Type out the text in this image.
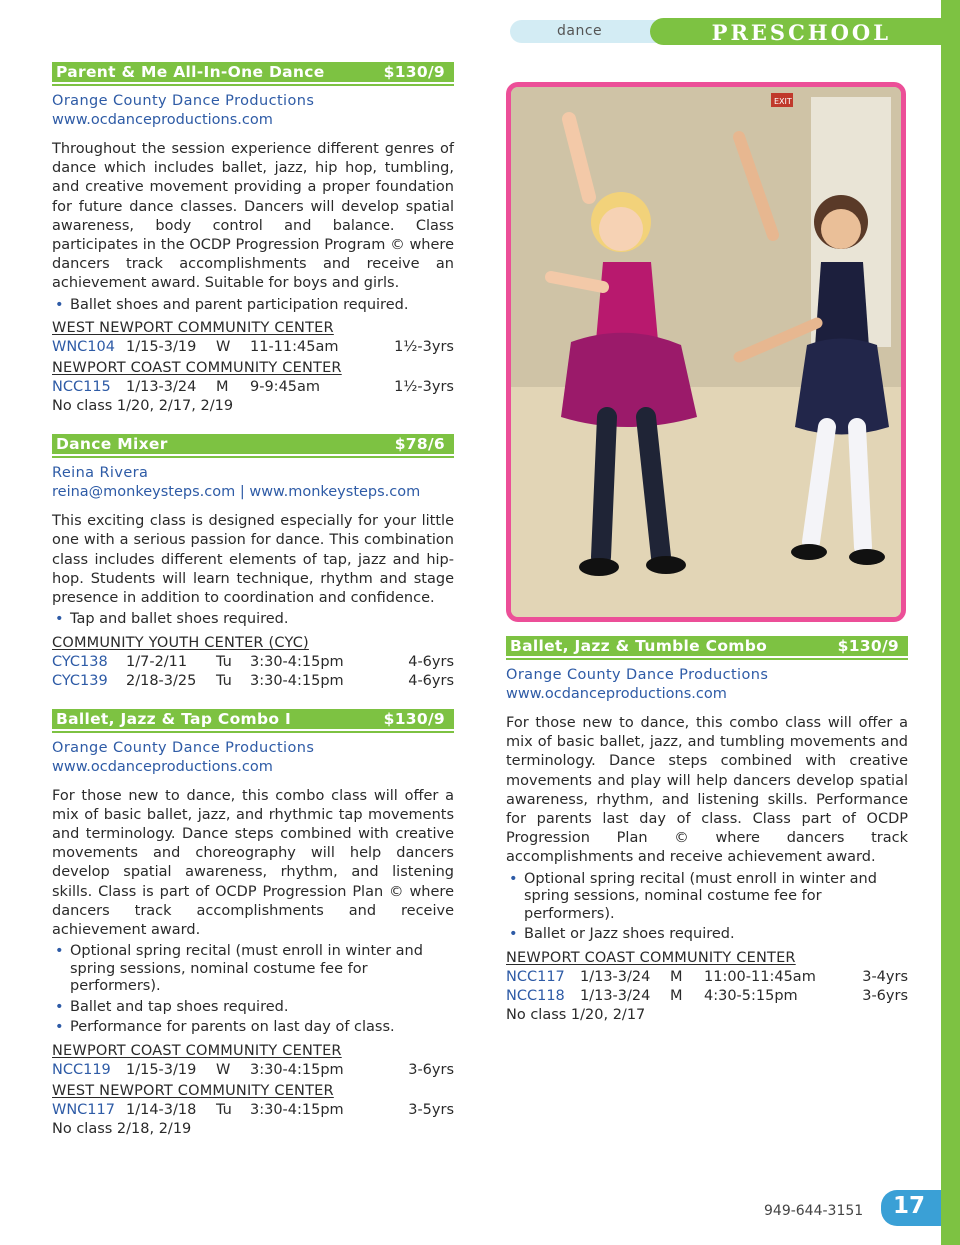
dance	PRESCHOOL
Parent & Me All-In-One Dance	$130/9
Orange County Dance Productions
www.ocdanceproductions.com
Throughout the session experience different genres of dance which includes ballet, jazz, hip hop, tumbling, and creative movement providing a proper foundation for future dance classes. Dancers will develop spatial awareness, body control and balance. Class participates in the OCDP Progression Program © where dancers track accomplishments and receive an achievement award. Suitable for boys and girls.
• Ballet shoes and parent participation required.
WEST NEWPORT COMMUNITY CENTER
WNC104 1/15-3/19	W	11-11:45am	1½-3yrs
NEWPORT COAST COMMUNITY CENTER
NCC115	1/13-3/24	M	9-9:45am	1½-3yrs
No class 1/20, 2/17, 2/19
Dance Mixer	$78/6
Reina Rivera
reina@monkeysteps.com | www.monkeysteps.com
This exciting class is designed especially for your little one with a serious passion for dance. This combination class includes different elements of tap, jazz and hip-hop. Students will learn technique, rhythm and stage presence in addition to coordination and confidence.
• Tap and ballet shoes required.
COMMUNITY YOUTH CENTER (CYC)
CYC138	1/7-2/11	Tu	3:30-4:15pm	4-6yrs
CYC139	2/18-3/25	Tu	3:30-4:15pm	4-6yrs
Ballet, Jazz & Tap Combo I	$130/9
Orange County Dance Productions
www.ocdanceproductions.com
For those new to dance, this combo class will offer a mix of basic ballet, jazz, and rhythmic tap movements and terminology. Dance steps combined with creative movements and choreography will help dancers develop spatial awareness, rhythm, and listening skills. Class is part of OCDP Progression Plan © where dancers track accomplishments and receive achievement award.
• Optional spring recital (must enroll in winter and spring sessions, nominal costume fee for performers).
• Ballet and tap shoes required.
• Performance for parents on last day of class.
NEWPORT COAST COMMUNITY CENTER
NCC119	1/15-3/19	W	3:30-4:15pm	3-6yrs
WEST NEWPORT COMMUNITY CENTER
WNC117 1/14-3/18	Tu	3:30-4:15pm	3-5yrs
No class 2/18, 2/19
EXIT
Ballet, Jazz & Tumble Combo	$130/9
Orange County Dance Productions
www.ocdanceproductions.com
For those new to dance, this combo class will offer a mix of basic ballet, jazz, and tumbling movements and terminology. Dance steps combined with creative movements and play will help dancers develop spatial awareness, rhythm, and listening skills. Performance for parents last day of class. Class part of OCDP Progression Plan © where dancers track accomplishments and receive achievement award.
• Optional spring recital (must enroll in winter and spring sessions, nominal costume fee for performers).
• Ballet or Jazz shoes required.
NEWPORT COAST COMMUNITY CENTER
NCC117	1/13-3/24	M	11:00-11:45am	3-4yrs
NCC118	1/13-3/24	M	4:30-5:15pm	3-6yrs
No class 1/20, 2/17
949-644-3151 17
